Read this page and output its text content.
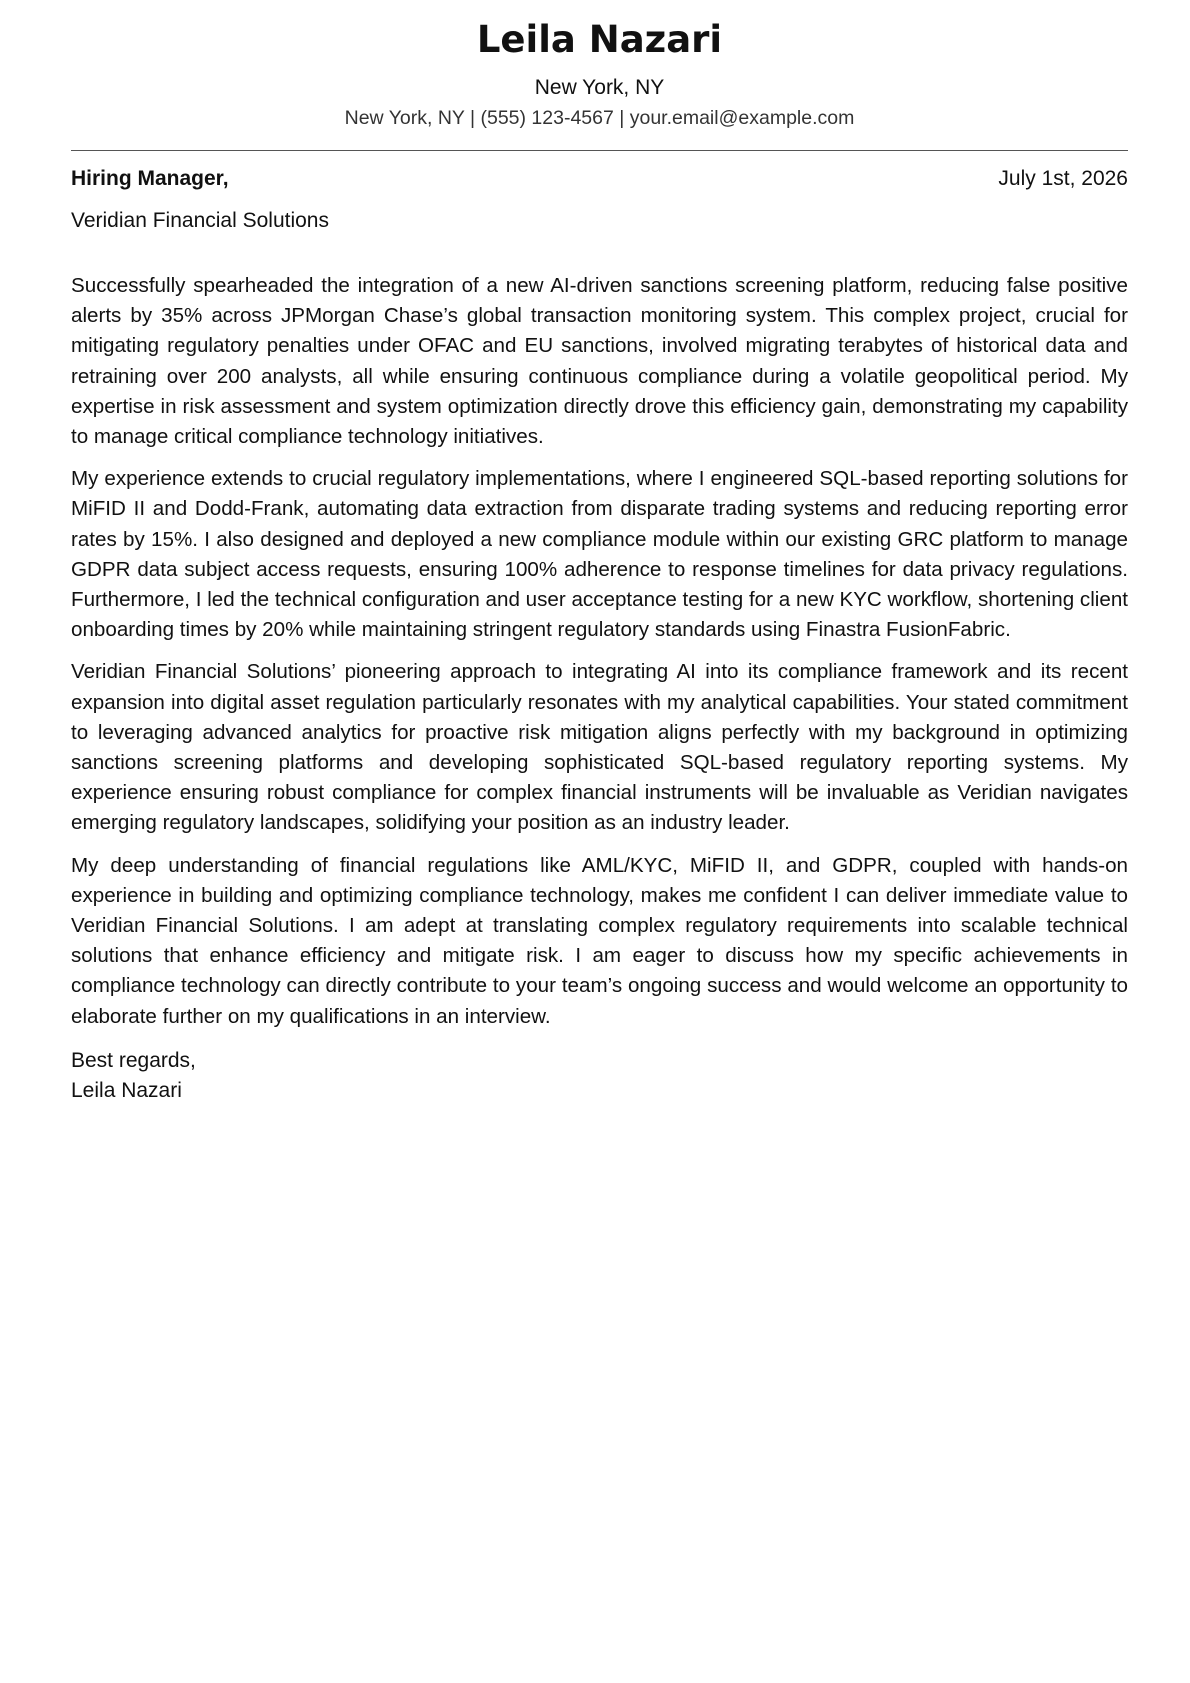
Leila Nazari
New York, NY
New York, NY | (555) 123-4567 | your.email@example.com
Hiring Manager,	July 1st, 2026
Veridian Financial Solutions

Successfully spearheaded the integration of a new AI-driven sanctions screening platform, reducing false positive alerts by 35% across JPMorgan Chase’s global transaction monitoring system. This complex project, crucial for mitigating regulatory penalties under OFAC and EU sanctions, involved migrating terabytes of historical data and retraining over 200 analysts, all while ensuring continuous compliance during a volatile geopolitical period. My expertise in risk assessment and system optimization directly drove this efficiency gain, demonstrating my capability to manage critical compliance technology initiatives.

My experience extends to crucial regulatory implementations, where I engineered SQL-based reporting solutions for MiFID II and Dodd-Frank, automating data extraction from disparate trading systems and reducing reporting error rates by 15%. I also designed and deployed a new compliance module within our existing GRC platform to manage GDPR data subject access requests, ensuring 100% adherence to response timelines for data privacy regulations. Furthermore, I led the technical configuration and user acceptance testing for a new KYC workflow, shortening client onboarding times by 20% while maintaining stringent regulatory standards using Finastra FusionFabric.

Veridian Financial Solutions’ pioneering approach to integrating AI into its compliance framework and its recent expansion into digital asset regulation particularly resonates with my analytical capabilities. Your stated commitment to leveraging advanced analytics for proactive risk mitigation aligns perfectly with my background in optimizing sanctions screening platforms and developing sophisticated SQL-based regulatory reporting systems. My experience ensuring robust compliance for complex financial instruments will be invaluable as Veridian navigates emerging regulatory landscapes, solidifying your position as an industry leader.

My deep understanding of financial regulations like AML/KYC, MiFID II, and GDPR, coupled with hands-on experience in building and optimizing compliance technology, makes me confident I can deliver immediate value to Veridian Financial Solutions. I am adept at translating complex regulatory requirements into scalable technical solutions that enhance efficiency and mitigate risk. I am eager to discuss how my specific achievements in compliance technology can directly contribute to your team’s ongoing success and would welcome an opportunity to elaborate further on my qualifications in an interview.

Best regards,
Leila Nazari
